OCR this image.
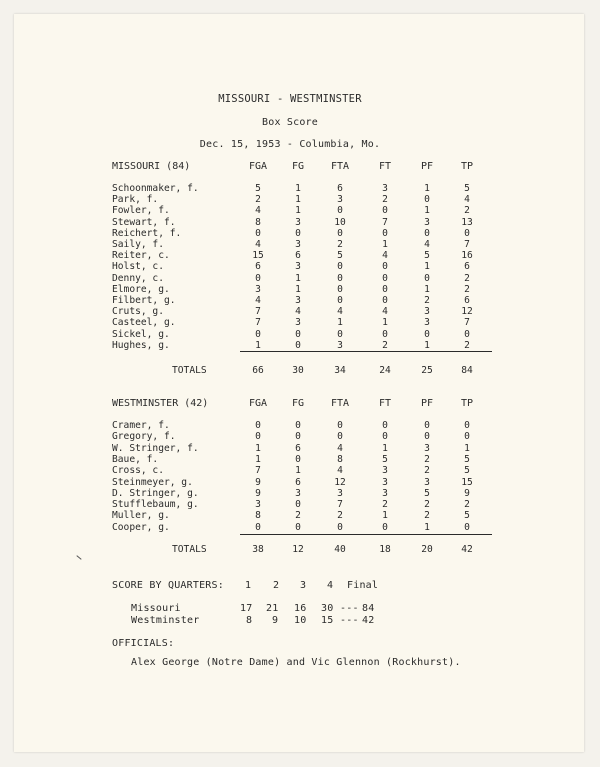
MISSOURI - WESTMINSTER
Box Score
Dec. 15, 1953 - Columbia, Mo.
MISSOURI (84)	FGA	FG	FTA	FT	PF	TP
Schoonmaker, f.	5	1	6	3	1	5
Park, f.	2	1	3	2	0	4
Fowler, f.	4	1	0	0	1	2
Stewart, f.	8	3	10	7	3	13
Reichert, f.	0	0	0	0	0	0
Saily, f.	4	3	2	1	4	7
Reiter, c.	15	6	5	4	5	16
Holst, c.	6	3	0	0	1	6
Denny, c.	0	1	0	0	0	2
Elmore, g.	3	1	0	0	1	2
Filbert, g.	4	3	0	0	2	6
Cruts, g.	7	4	4	4	3	12
Casteel, g.	7	3	1	1	3	7
Sickel, g.	0	0	0	0	0	0
Hughes, g.	1	0	3	2	1	2
TOTALS	66	30	34	24	25	84
WESTMINSTER (42)	FGA	FG	FTA	FT	PF	TP
Cramer, f.	0	0	0	0	0	0
Gregory, f.	0	0	0	0	0	0
W. Stringer, f.	1	6	4	1	3	1
Baue, f.	1	0	8	5	2	5
Cross, c.	7	1	4	3	2	5
Steinmeyer, g.	9	6	12	3	3	15
D. Stringer, g.	9	3	3	3	5	9
Stufflebaum, g.	3	0	7	2	2	2
Muller, g.	8	2	2	1	2	5
Cooper, g.	0	0	0	0	1	0
TOTALS	38	12	40	18	20	42
SCORE BY QUARTERS: 1 2 3 4 Final
Missouri	17 21 16 30 --- 84
Westminster	8 9 10 15 --- 42
OFFICIALS:
Alex George (Notre Dame) and Vic Glennon (Rockhurst).
